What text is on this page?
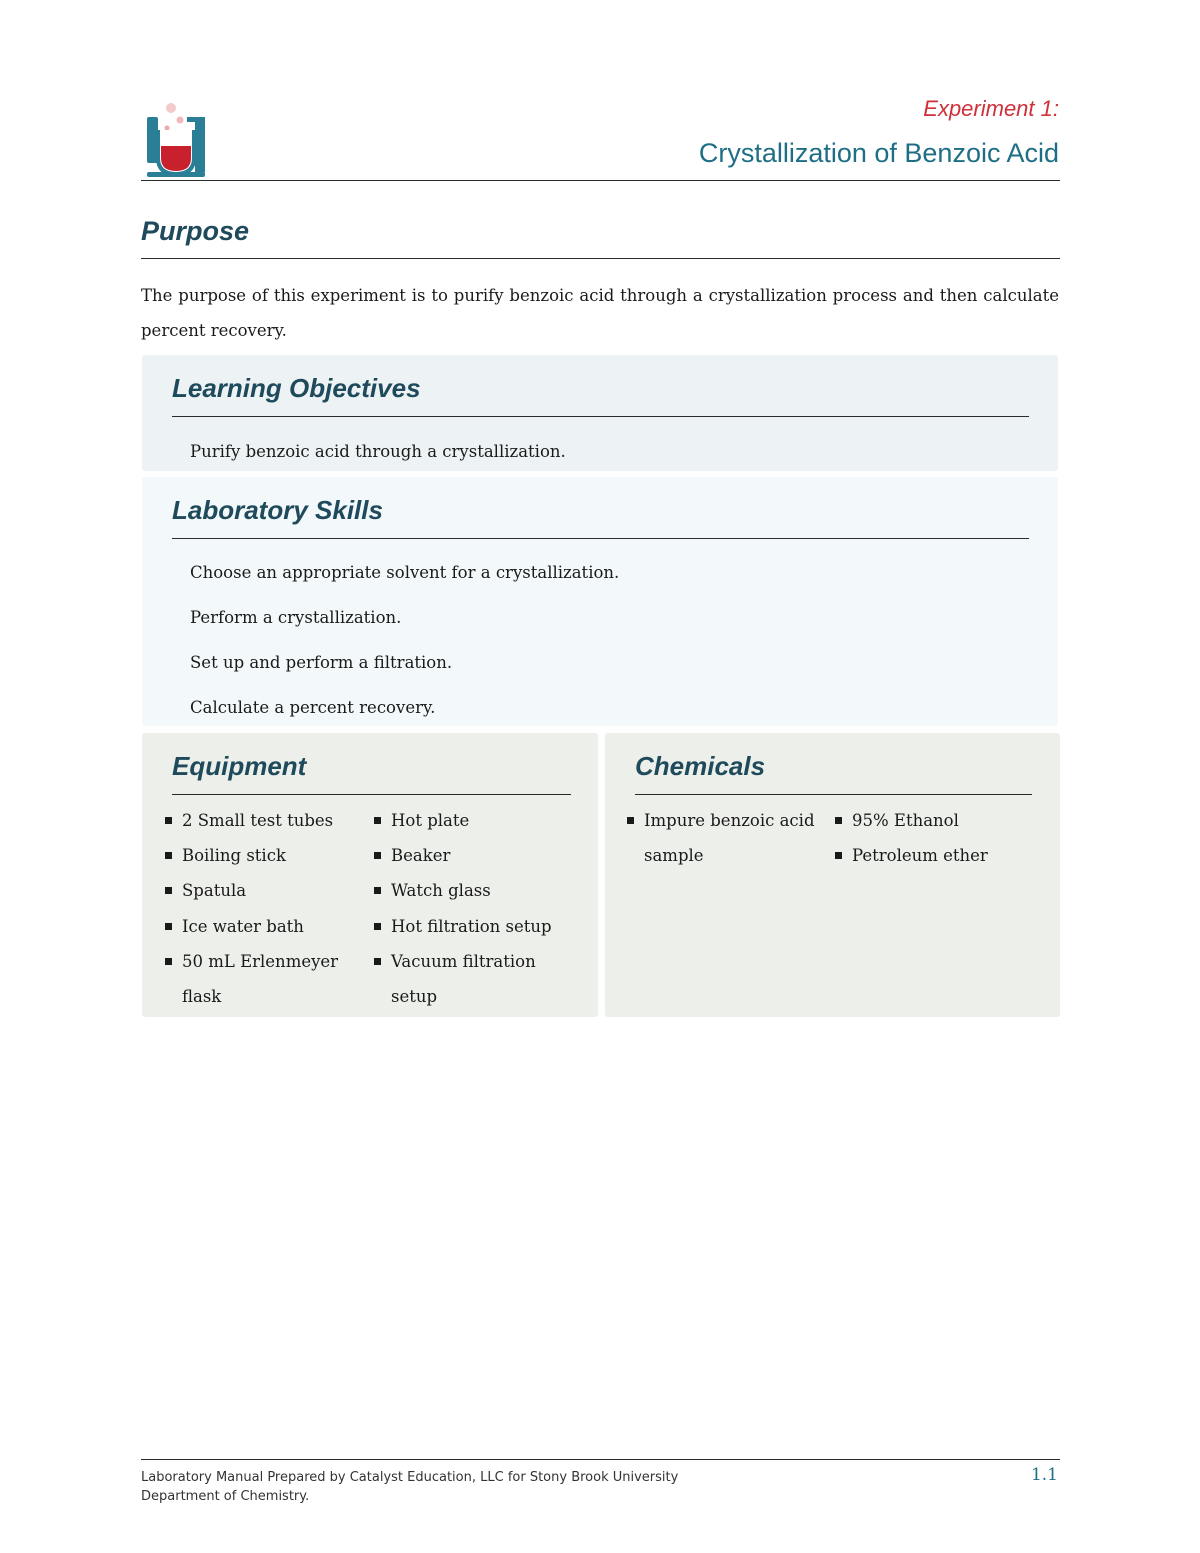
Experiment 1:
Crystallization of Benzoic Acid
Purpose

The purpose of this experiment is to purify benzoic acid through a crystallization process and then calculate percent recovery.

Learning Objectives
Purify benzoic acid through a crystallization.
Laboratory Skills
Choose an appropriate solvent for a crystallization.
Perform a crystallization.
Set up and perform a filtration.
Calculate a percent recovery.
Equipment
2 Small test tubes
Boiling stick
Spatula
Ice water bath
50 mL Erlenmeyer flask
Hot plate
Beaker
Watch glass
Hot filtration setup
Vacuum filtration setup
Chemicals
Impure benzoic acid sample
95% Ethanol
Petroleum ether
Laboratory Manual Prepared by Catalyst Education, LLC for Stony Brook University Department of Chemistry.
1.1
